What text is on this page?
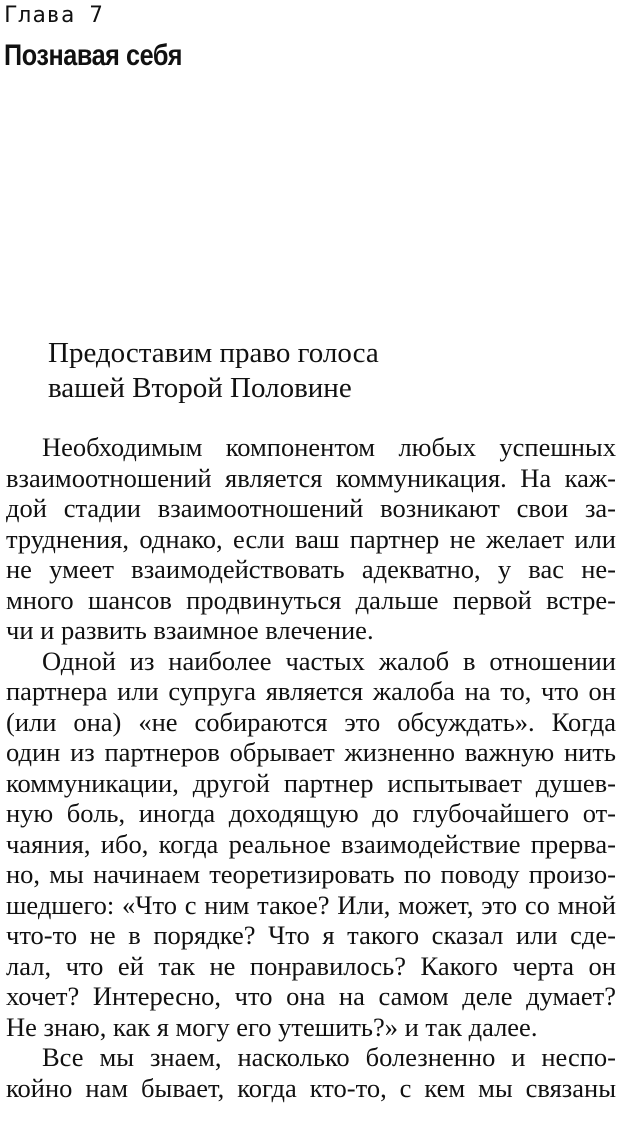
Глава 7
Познавая себя
Предоставим право голоса
вашей Второй Половине
Необходимым компонентом любых успешных
взаимоотношений является коммуникация. На каж-
дой стадии взаимоотношений возникают свои за-
труднения, однако, если ваш партнер не желает или
не умеет взаимодействовать адекватно, у вас не-
много шансов продвинуться дальше первой встре-
чи и развить взаимное влечение.
Одной из наиболее частых жалоб в отношении
партнера или супруга является жалоба на то, что он
(или она) «не собираются это обсуждать». Когда
один из партнеров обрывает жизненно важную нить
коммуникации, другой партнер испытывает душев-
ную боль, иногда доходящую до глубочайшего от-
чаяния, ибо, когда реальное взаимодействие прерва-
но, мы начинаем теоретизировать по поводу произо-
шедшего: «Что с ним такое? Или, может, это со мной
что-то не в порядке? Что я такого сказал или сде-
лал, что ей так не понравилось? Какого черта он
хочет? Интересно, что она на самом деле думает?
Не знаю, как я могу его утешить?» и так далее.
Все мы знаем, насколько болезненно и неспо-
койно нам бывает, когда кто-то, с кем мы связаны
